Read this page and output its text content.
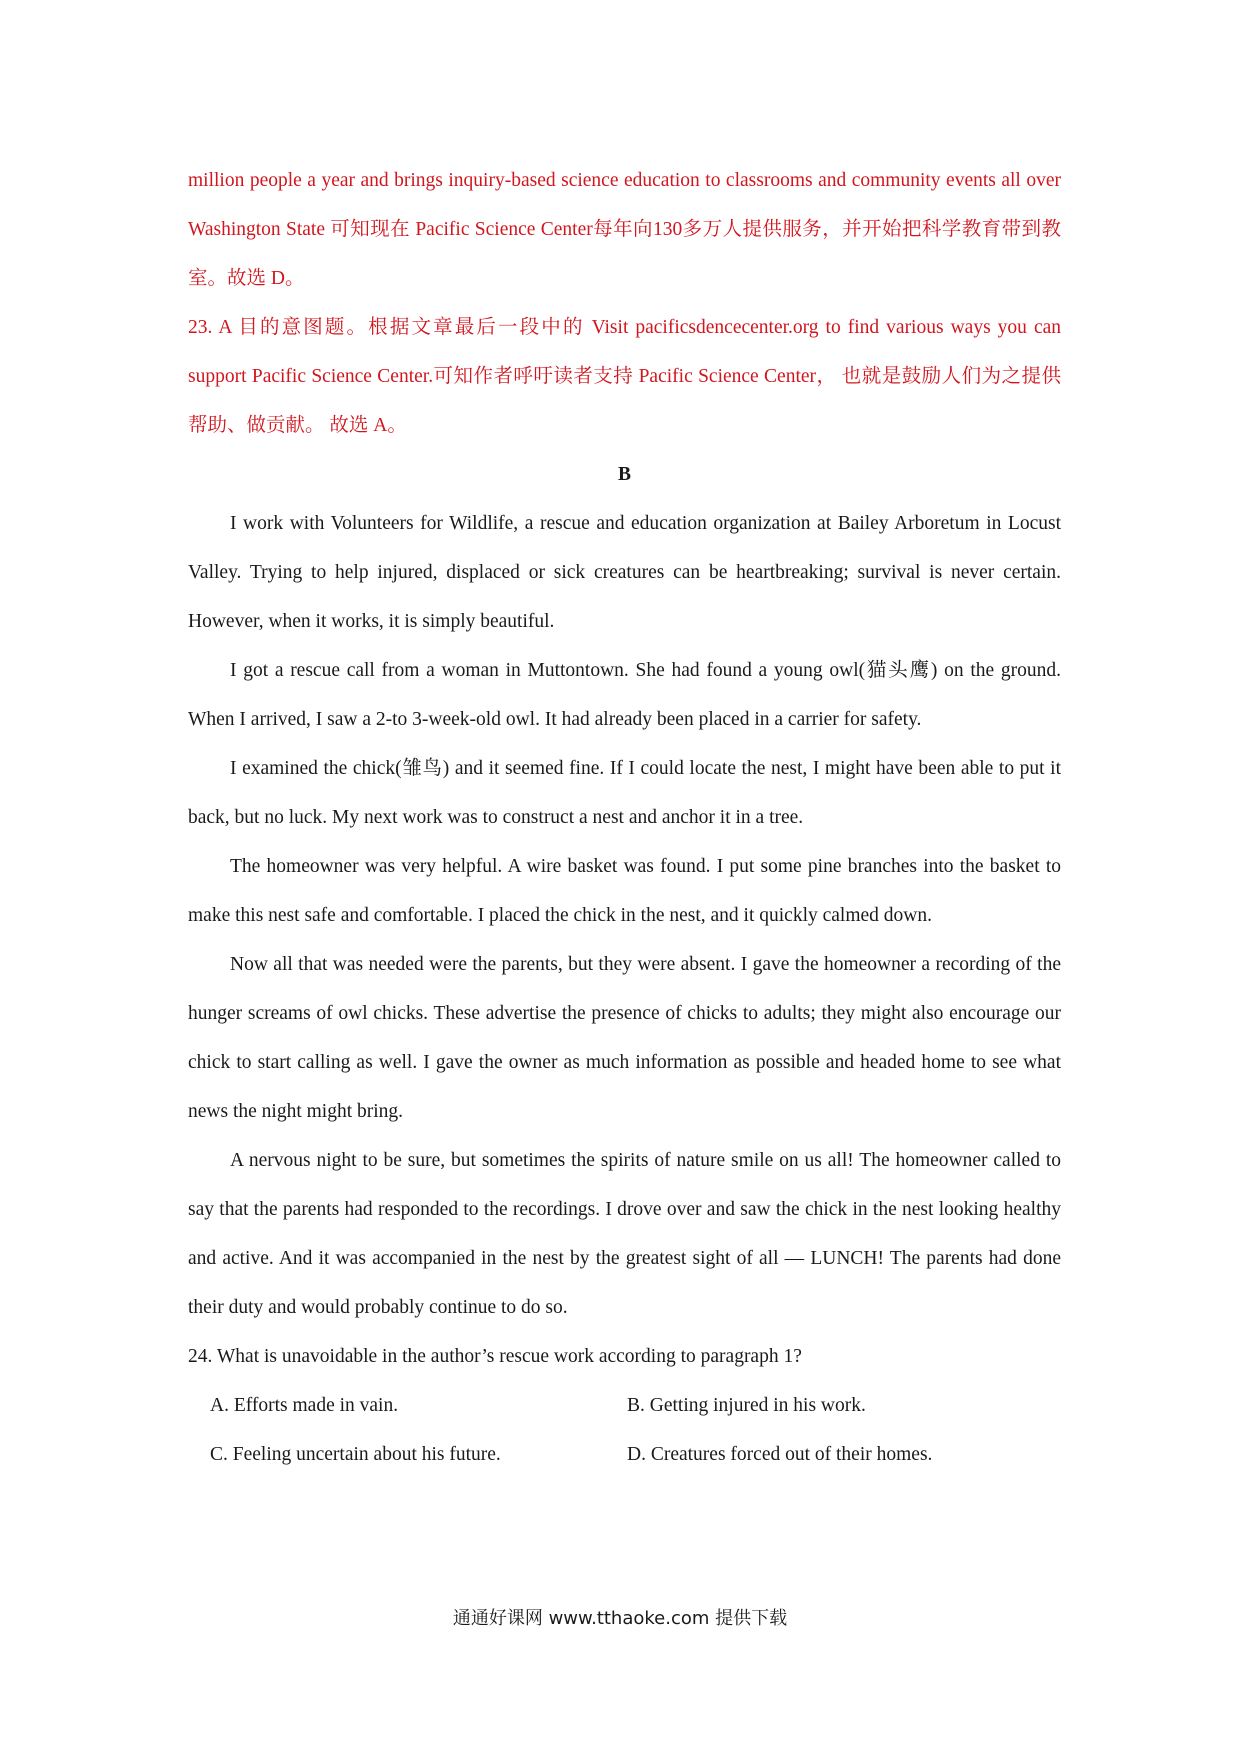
million people a year and brings inquiry-based science education to classrooms and community events all over Washington State 可知现在 Pacific Science Center每年向130多万人提供服务，并开始把科学教育带到教室。故选 D。

23. A 目的意图题。根据文章最后一段中的 Visit pacificsdencecenter.org to find various ways you can support Pacific Science Center.可知作者呼吁读者支持 Pacific Science Center， 也就是鼓励人们为之提供帮助、做贡献。 故选 A。

B

I work with Volunteers for Wildlife, a rescue and education organization at Bailey Arboretum in Locust Valley. Trying to help injured, displaced or sick creatures can be heartbreaking; survival is never certain. However, when it works, it is simply beautiful.

I got a rescue call from a woman in Muttontown. She had found a young owl(猫头鹰) on the ground. When I arrived, I saw a 2-to 3-week-old owl. It had already been placed in a carrier for safety.

I examined the chick(雏鸟) and it seemed fine. If I could locate the nest, I might have been able to put it back, but no luck. My next work was to construct a nest and anchor it in a tree.

The homeowner was very helpful. A wire basket was found. I put some pine branches into the basket to make this nest safe and comfortable. I placed the chick in the nest, and it quickly calmed down.

Now all that was needed were the parents, but they were absent. I gave the homeowner a recording of the hunger screams of owl chicks. These advertise the presence of chicks to adults; they might also encourage our chick to start calling as well. I gave the owner as much information as possible and headed home to see what news the night might bring.

A nervous night to be sure, but sometimes the spirits of nature smile on us all! The homeowner called to say that the parents had responded to the recordings. I drove over and saw the chick in the nest looking healthy and active. And it was accompanied in the nest by the greatest sight of all — LUNCH! The parents had done their duty and would probably continue to do so.

24. What is unavoidable in the author’s rescue work according to paragraph 1?

A. Efforts made in vain.	B. Getting injured in his work.
C. Feeling uncertain about his future.	D. Creatures forced out of their homes.
通通好课网 www.tthaoke.com 提供下载
